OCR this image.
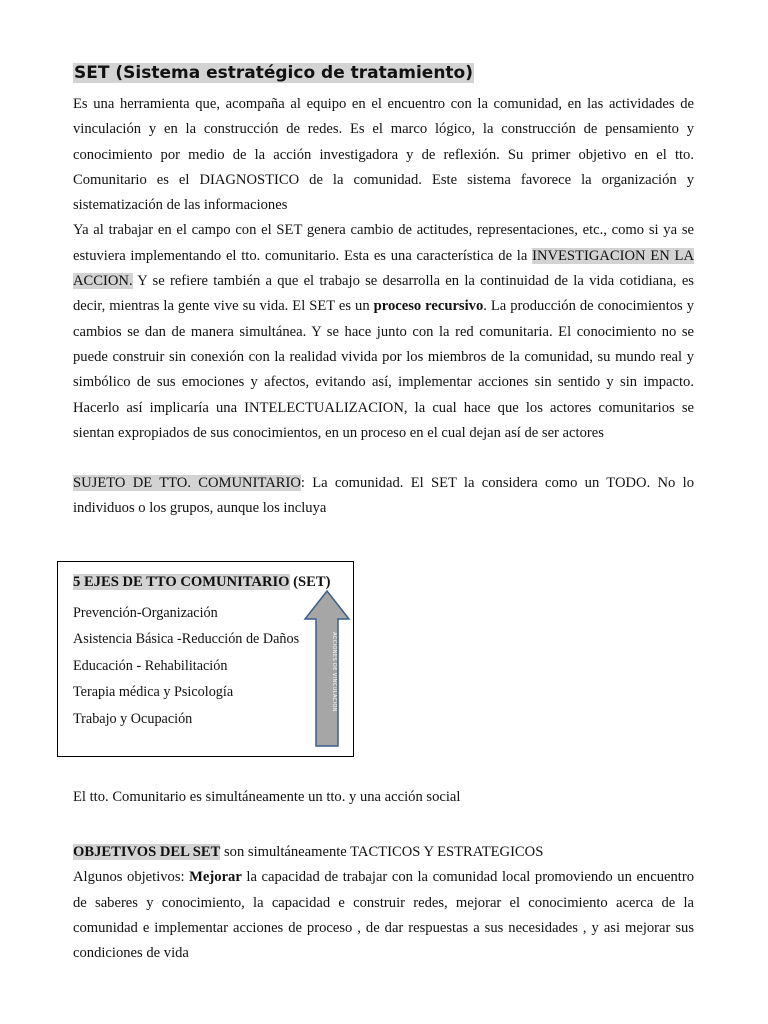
SET (Sistema estratégico de tratamiento)

Es una herramienta que, acompaña al equipo en el encuentro con la comunidad, en las actividades de vinculación y en la construcción de redes. Es el marco lógico, la construcción de pensamiento y conocimiento por medio de la acción investigadora y de reflexión. Su primer objetivo en el tto. Comunitario es el DIAGNOSTICO de la comunidad. Este sistema favorece la organización y sistematización de las informaciones

Ya al trabajar en el campo con el SET genera cambio de actitudes, representaciones, etc., como si ya se estuviera implementando el tto. comunitario. Esta es una característica de la INVESTIGACION EN LA ACCION. Y se refiere también a que el trabajo se desarrolla en la continuidad de la vida cotidiana, es decir, mientras la gente vive su vida. El SET es un proceso recursivo. La producción de conocimientos y cambios se dan de manera simultánea. Y se hace junto con la red comunitaria. El conocimiento no se puede construir sin conexión con la realidad vivida por los miembros de la comunidad, su mundo real y simbólico de sus emociones y afectos, evitando así, implementar acciones sin sentido y sin impacto. Hacerlo así implicaría una INTELECTUALIZACION, la cual hace que los actores comunitarios se sientan expropiados de sus conocimientos, en un proceso en el cual dejan así de ser actores

SUJETO DE TTO. COMUNITARIO: La comunidad. El SET la considera como un TODO. No lo individuos o los grupos, aunque los incluya

5 EJES DE TTO COMUNITARIO (SET)
Prevención-Organización
Asistencia Básica -Reducción de Daños
Educación - Rehabilitación
Terapia médica y Psicología
Trabajo y Ocupación
ACCIONES DE VINCULACION

El tto. Comunitario es simultáneamente un tto. y una acción social

OBJETIVOS DEL SET son simultáneamente TACTICOS Y ESTRATEGICOS

Algunos objetivos: Mejorar la capacidad de trabajar con la comunidad local promoviendo un encuentro de saberes y conocimiento, la capacidad e construir redes, mejorar el conocimiento acerca de la comunidad e implementar acciones de proceso , de dar respuestas a sus necesidades , y asi mejorar sus condiciones de vida
